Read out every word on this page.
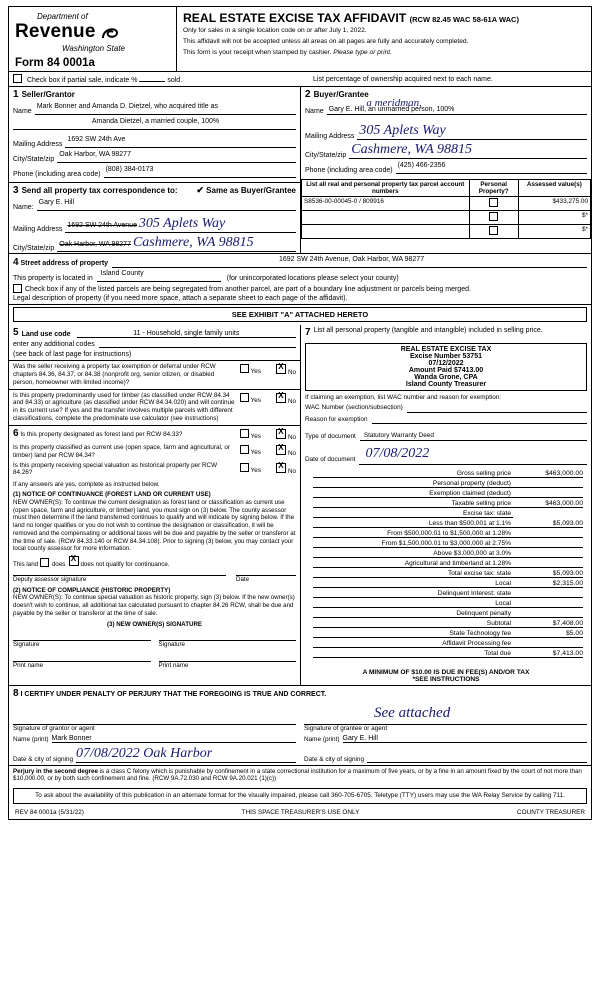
Department of
Revenue
Washington State
Form 84 0001a
REAL ESTATE EXCISE TAX AFFIDAVIT (RCW 82.45 WAC 58-61A WAC)
Only for sales in a single location code on or after July 1, 2022.
This affidavit will not be accepted unless all areas on all pages are fully and accurately completed.
This form is your receipt when stamped by cashier. Please type or print.
Check box if partial sale, indicate %	sold.	List percentage of ownership acquired next to each name.
1 Seller/Grantor
Name
Mark Bonner and Amanda D. Dietzel, who acquired title as
Amanda Dietzel, a married couple, 100%
Mailing Address
1692 SW 24th Ave
City/State/zip
Oak Harbor, WA 98277
Phone (including area code)
(808) 384-0173
3 Send all property tax correspondence to: ✔ Same as Buyer/Grantee
Name:
Gary E. Hill
Mailing Address
1692 SW 24th Avenue 305 Aplets Way
City/State/zip
Oak Harbor, WA 98277 Cashmere, WA 98815
2 Buyer/Grantee
Name Gary E. Hill, an unmarried person, 100% a meridman,
Mailing Address 305 Aplets Way
City/State/zip Cashmere, WA 98815
Phone (including area code)
(425) 466-2356
List all real and personal property tax parcel account numbers	Personal Property?	Assessed value(s)
S8536-00-00045-0 / 809916		$433,275.00
		$*
		$*
4 Street address of property
1692 SW 24th Avenue, Oak Harbor, WA 98277
This property is located in
Island County
(for unincorporated locations please select your county)
Check box if any of the listed parcels are being segregated from another parcel, are part of a boundary line adjustment or parcels being merged.
Legal description of property (if you need more space, attach a separate sheet to each page of the affidavit).
SEE EXHIBIT "A" ATTACHED HERETO
5 Land use code	11 - Household, single family units
enter any additional codes
(see back of last page for instructions)
Was the seller receiving a property tax exemption or deferral under RCW chapters 84.36, 84.37, or 84.38 (nonprofit org, senior citizen, or disabled person, homeowner with limited income)?
Yes X	No
Is this property predominantly used for timber (as classified under RCW 84.34 and 84.33) or agriculture (as classified under RCW 84.34.020) and will continue in its current use? If yes and the transfer involves multiple parcels with different classifications, complete the predominate use calculator (see instructions)
Yes X	No
6 Is this property designated as forest land per RCW 84.33?	Yes X	No
Is this property classified as current use (open space, farm and agricultural, or timber) land per RCW 84.34?	Yes X	No
Is this property receiving special valuation as historical property per RCW 84.26?	Yes X	No
If any answers are yes, complete as instructed below.
(1) NOTICE OF CONTINUANCE (FOREST LAND OR CURRENT USE)
NEW OWNER(S): To continue the current designation as forest land or classification as current use (open space, farm and agriculture, or timber) land, you must sign on (3) below. The county assessor must then determine if the land transferred continues to qualify and will indicate by signing below. If the land no longer qualifies or you do not wish to continue the designation or classification, it will be removed and the compensating or additional taxes will be due and payable by the seller or transferor at the time of sale. (RCW 84.33.140 or RCW 84.34.108). Prior to signing (3) below, you may contact your local county assessor for more information.
This land does X does not qualify for continuance.
Deputy assessor signature	Date
(2) NOTICE OF COMPLIANCE (HISTORIC PROPERTY)
NEW OWNER(S): To continue special valuation as historic property, sign (3) below. If the new owner(s) doesn't wish to continue, all additional tax calculated pursuant to chapter 84.26 RCW, shall be due and payable by the seller or transferor at the time of sale.
(3) NEW OWNER(S) SIGNATURE
Signature	Signature
Print name	Print name
7 List all personal property (tangible and intangible) included in selling price.
REAL ESTATE EXCISE TAX
Excise Number 53751
07/12/2022
Amount Paid $7413.00
Wanda Grone, CPA
Island County Treasurer
If claiming an exemption, list WAC number and reason for exemption:
WAC Number (section/subsection)
Reason for exemption
Type of document	Statutory Warranty Deed
Date of document 07/08/2022
Gross selling price	$463,000.00
Personal property (deduct)

Exemption claimed (deduct)

Taxable selling price	$463,000.00
Excise tax: state

Less than $500,001 at 1.1%	$5,093.00
From $500,000.01 to $1,500,000 at 1.28%

From $1,500,000.01 to $3,000,000 at 2.75%

Above $3,000,000 at 3.0%

Agricultural and timberland at 1.28%

Total excise tax: state	$5,093.00
Local	$2,315.00
Delinquent Interest: state

Local

Delinquent penalty

Subtotal	$7,408.00
State Technology fee	$5.00
Affidavit Processing fee

Total due	$7,413.00
A MINIMUM OF $10.00 IS DUE IN FEE(S) AND/OR TAX
*SEE INSTRUCTIONS
8 I CERTIFY UNDER PENALTY OF PERJURY THAT THE FOREGOING IS TRUE AND CORRECT.
Signature of grantor or agent
See attached
Signature of grantee or agent
Name (print) Mark Bonner	Name (print) Gary E. Hill
Date & city of signing 07/08/2022 Oak Harbor	Date & city of signing

Perjury in the second degree is a class C felony which is punishable by confinement in a state correctional institution for a maximum of five years, or by a fine in an amount fixed by the court of not more than $10,000.00, or by both such confinement and fine. (RCW 9A.72.030 and RCW 9A.20.021 (1)(c))
To ask about the availability of this publication in an alternate format for the visually impaired, please call 360-705-6705. Teletype (TTY) users may use the WA Relay Service by calling 711.
REV 84 0001a (5/31/22)	THIS SPACE TREASURER'S USE ONLY	COUNTY TREASURER
